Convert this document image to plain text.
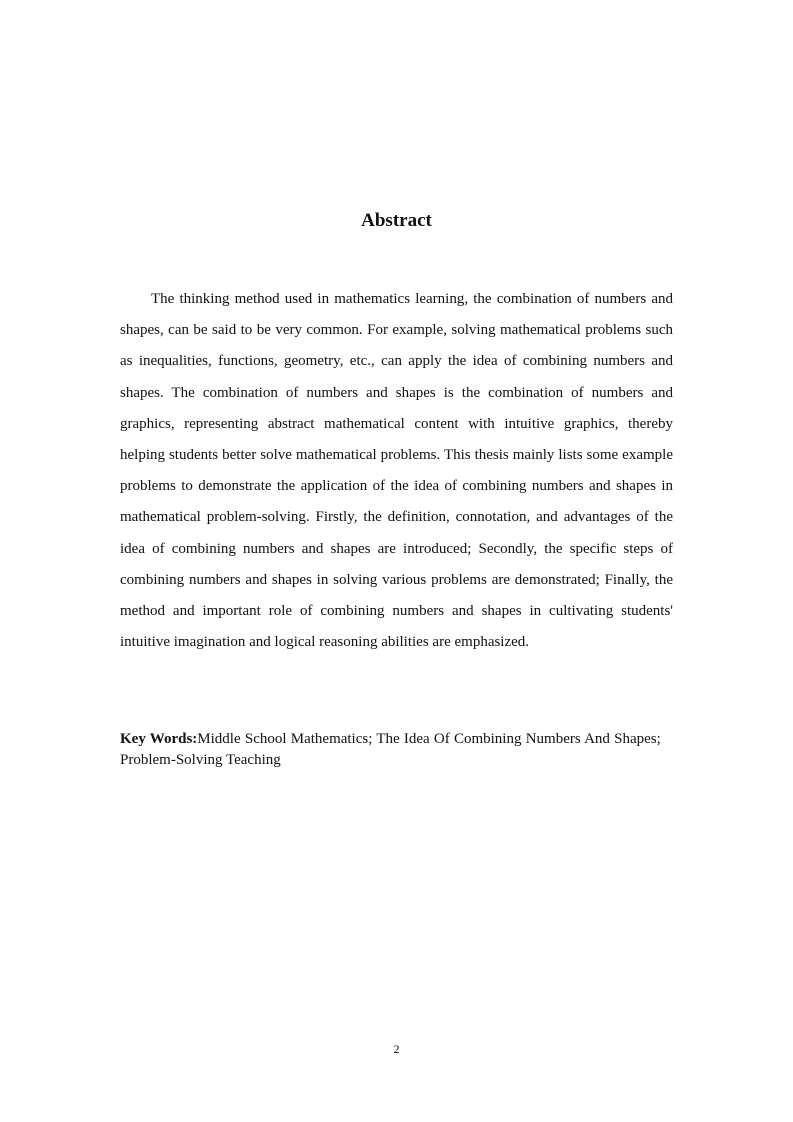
Abstract

The thinking method used in mathematics learning, the combination of numbers and shapes, can be said to be very common. For example, solving mathematical problems such as inequalities, functions, geometry, etc., can apply the idea of combining numbers and shapes. The combination of numbers and shapes is the combination of numbers and graphics, representing abstract mathematical content with intuitive graphics, thereby helping students better solve mathematical problems. This thesis mainly lists some example problems to demonstrate the application of the idea of combining numbers and shapes in mathematical problem-solving. Firstly, the definition, connotation, and advantages of the idea of combining numbers and shapes are introduced; Secondly, the specific steps of combining numbers and shapes in solving various problems are demonstrated; Finally, the method and important role of combining numbers and shapes in cultivating students' intuitive imagination and logical reasoning abilities are emphasized.

Key Words:Middle School Mathematics; The Idea Of Combining Numbers And Shapes;    Problem-Solving Teaching

2
